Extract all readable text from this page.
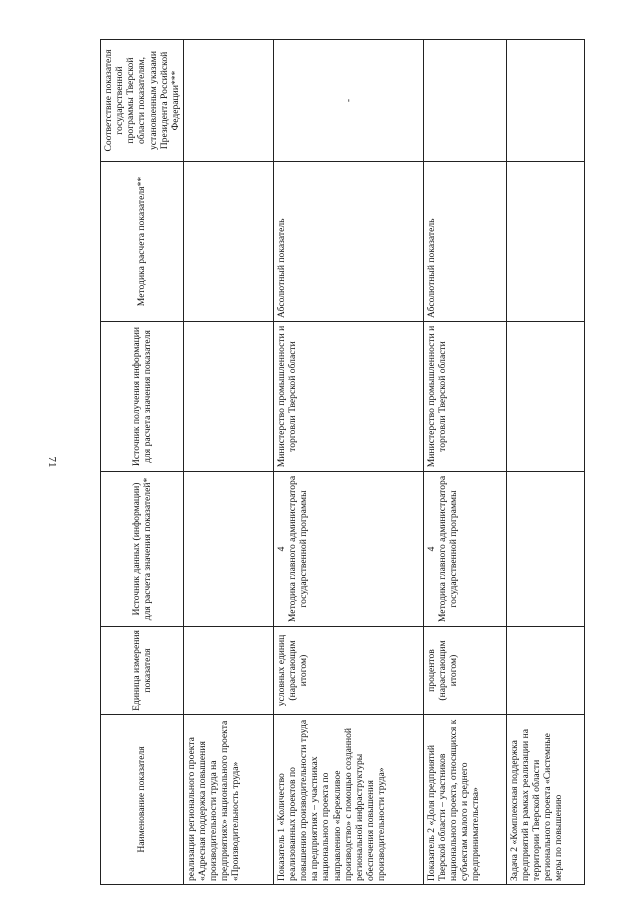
71
Наименование показателя	Единица измерения показателя	Источник данных (информации) для расчета значения показателей*	Источник получения информации для расчета значения показателя	Методика расчета показателя**	Соответствие показателя государственной программы Тверской области показателям, установленным указами Президента Российской Федерации***
реализации регионального проекта «Адресная поддержка повышения производительности труда на предприятиях» национального проекта «Производительность труда»		

Показатель 1 «Количество реализованных проектов по повышению производительности труда на предприятиях – участниках национального проекта по направлению «Бережливое производство» с помощью созданной региональной инфраструктуры обеспечения повышения производительности труда»	условных единиц (нарастающим итогом)	4 Методика главного администратора государственной программы	Министерство промышленности и торговли Тверской области	Абсолютный показатель	-
Показатель 2 «Доля предприятий Тверской области – участников национального проекта, относящихся к субъектам малого и среднего предпринимательства»	процентов (нарастающим итогом)	4 Методика главного администратора государственной программы	Министерство промышленности и торговли Тверской области	Абсолютный показатель	
Задача 2 «Комплексная поддержка предприятий в рамках реализации на территории Тверской области регионального проекта «Системные меры по повышению		
